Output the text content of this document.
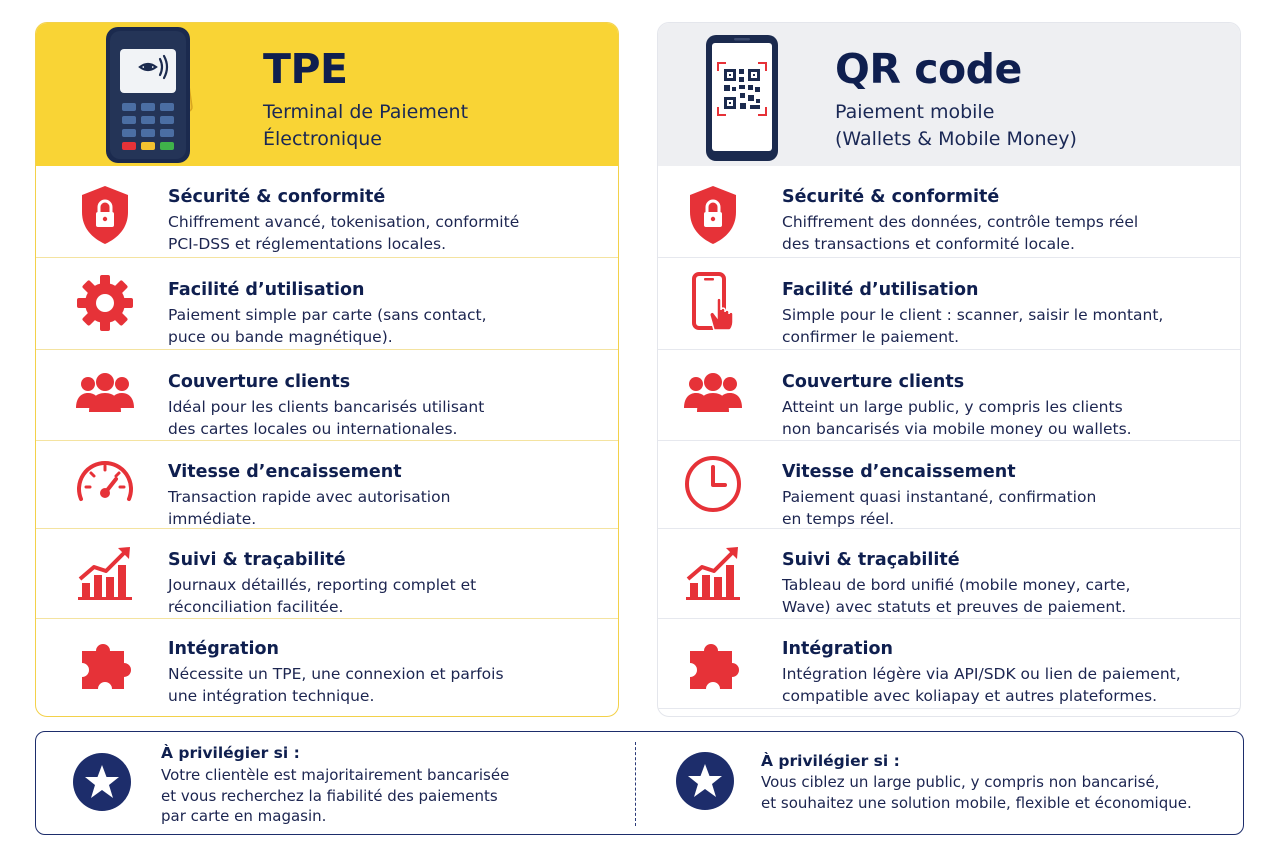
TPE
Terminal de Paiement
Électronique
Sécurité & conformité
Chiffrement avancé, tokenisation, conformité
PCI-DSS et réglementations locales.
Facilité d’utilisation
Paiement simple par carte (sans contact,
puce ou bande magnétique).
Couverture clients
Idéal pour les clients bancarisés utilisant
des cartes locales ou internationales.
Vitesse d’encaissement
Transaction rapide avec autorisation
immédiate.
Suivi & traçabilité
Journaux détaillés, reporting complet et
réconciliation facilitée.
Intégration
Nécessite un TPE, une connexion et parfois
une intégration technique.
QR code
Paiement mobile
(Wallets & Mobile Money)
Sécurité & conformité
Chiffrement des données, contrôle temps réel
des transactions et conformité locale.
Facilité d’utilisation
Simple pour le client : scanner, saisir le montant,
confirmer le paiement.
Couverture clients
Atteint un large public, y compris les clients
non bancarisés via mobile money ou wallets.
Vitesse d’encaissement
Paiement quasi instantané, confirmation
en temps réel.
Suivi & traçabilité
Tableau de bord unifié (mobile money, carte,
Wave) avec statuts et preuves de paiement.
Intégration
Intégration légère via API/SDK ou lien de paiement,
compatible avec koliapay et autres plateformes.
À privilégier si :
Votre clientèle est majoritairement bancarisée
et vous recherchez la fiabilité des paiements
par carte en magasin.
À privilégier si :
Vous ciblez un large public, y compris non bancarisé,
et souhaitez une solution mobile, flexible et économique.
